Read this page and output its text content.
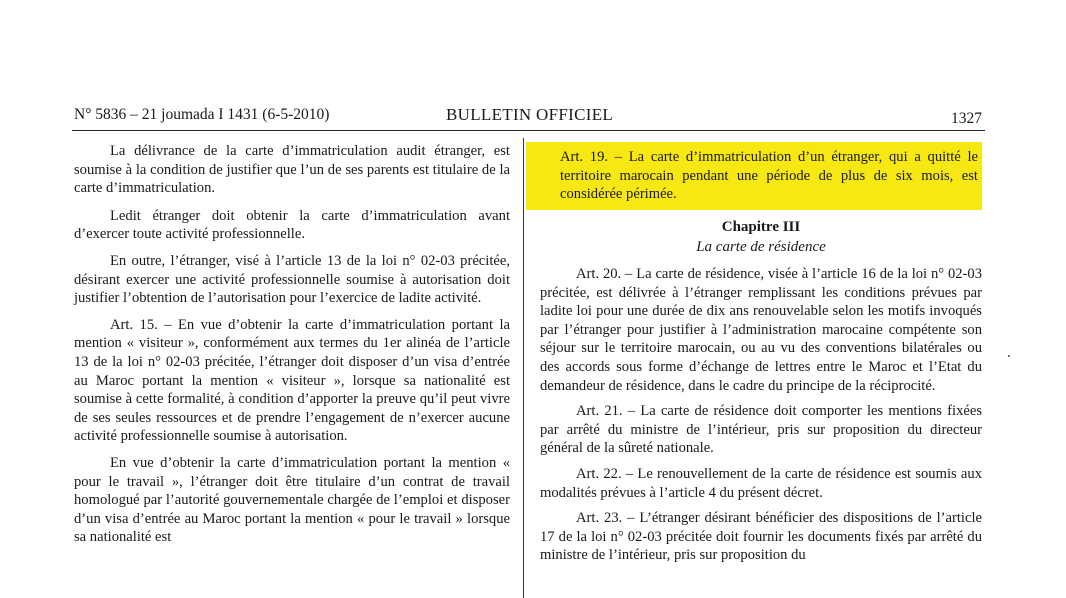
N° 5836 – 21 joumada I 1431 (6-5-2010)	BULLETIN OFFICIEL	1327

La délivrance de la carte d’immatriculation audit étranger, est soumise à la condition de justifier que l’un de ses parents est titulaire de la carte d’immatriculation.

Ledit étranger doit obtenir la carte d’immatriculation avant d’exercer toute activité professionnelle.

En outre, l’étranger, visé à l’article 13 de la loi n° 02-03 précitée, désirant exercer une activité professionnelle soumise à autorisation doit justifier l’obtention de l’autorisation pour l’exercice de ladite activité.

Art. 15. – En vue d’obtenir la carte d’immatriculation portant la mention « visiteur », conformément aux termes du 1er alinéa de l’article 13 de la loi n° 02-03 précitée, l’étranger doit disposer d’un visa d’entrée au Maroc portant la mention « visiteur », lorsque sa nationalité est soumise à cette formalité, à condition d’apporter la preuve qu’il peut vivre de ses seules ressources et de prendre l’engagement de n’exercer aucune activité professionnelle soumise à autorisation.

En vue d’obtenir la carte d’immatriculation portant la mention « pour le travail », l’étranger doit être titulaire d’un contrat de travail homologué par l’autorité gouvernementale chargée de l’emploi et disposer d’un visa d’entrée au Maroc portant la mention « pour le travail » lorsque sa nationalité est

Art. 19. – La carte d’immatriculation d’un étranger, qui a quitté le territoire marocain pendant une période de plus de six mois, est considérée périmée.

Chapitre III
La carte de résidence

Art. 20. – La carte de résidence, visée à l’article 16 de la loi n° 02-03 précitée, est délivrée à l’étranger remplissant les conditions prévues par ladite loi pour une durée de dix ans renouvelable selon les motifs invoqués par l’étranger pour justifier à l’administration marocaine compétente son séjour sur le territoire marocain, ou au vu des conventions bilatérales ou des accords sous forme d’échange de lettres entre le Maroc et l’Etat du demandeur de résidence, dans le cadre du principe de la réciprocité.

Art. 21. – La carte de résidence doit comporter les mentions fixées par arrêté du ministre de l’intérieur, pris sur proposition du directeur général de la sûreté nationale.

Art. 22. – Le renouvellement de la carte de résidence est soumis aux modalités prévues à l’article 4 du présent décret.

Art. 23. – L’étranger désirant bénéficier des dispositions de l’article 17 de la loi n° 02-03 précitée doit fournir les documents fixés par arrêté du ministre de l’intérieur, pris sur proposition du
